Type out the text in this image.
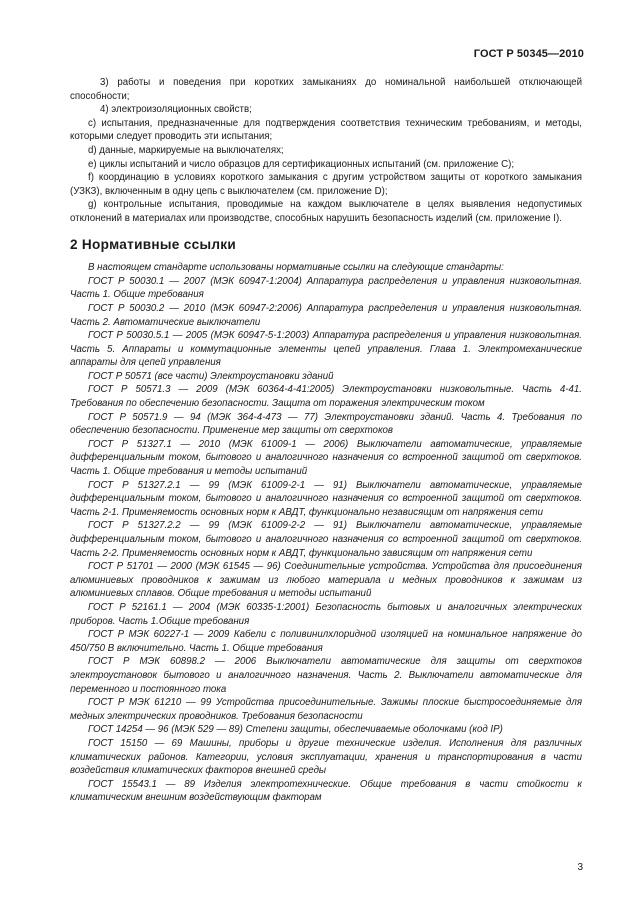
ГОСТ Р 50345—2010

3) работы и поведения при коротких замыканиях до номинальной наибольшей отключающей способности;

4) электроизоляционных свойств;

c) испытания, предназначенные для подтверждения соответствия техническим требованиям, и методы, которыми следует проводить эти испытания;

d) данные, маркируемые на выключателях;

e) циклы испытаний и число образцов для сертификационных испытаний (см. приложение С);

f) координацию в условиях короткого замыкания с другим устройством защиты от короткого замыкания (УЗКЗ), включенным в одну цепь с выключателем (см. приложение D);

g) контрольные испытания, проводимые на каждом выключателе в целях выявления недопустимых отклонений в материалах или производстве, способных нарушить безопасность изделий (см. приложение I).

2 Нормативные ссылки

В настоящем стандарте использованы нормативные ссылки на следующие стандарты:

ГОСТ Р 50030.1 — 2007 (МЭК 60947-1:2004) Аппаратура распределения и управления низковольтная. Часть 1. Общие требования

ГОСТ Р 50030.2 — 2010 (МЭК 60947-2:2006) Аппаратура распределения и управления низковольтная. Часть 2. Автоматические выключатели

ГОСТ Р 50030.5.1 — 2005 (МЭК 60947-5-1:2003) Аппаратура распределения и управления низковольтная. Часть 5. Аппараты и коммутационные элементы цепей управления. Глава 1. Электромеханические аппараты для цепей управления

ГОСТ Р 50571 (все части) Электроустановки зданий

ГОСТ Р 50571.3 — 2009 (МЭК 60364-4-41:2005) Электроустановки низковольтные. Часть 4-41. Требования по обеспечению безопасности. Защита от поражения электрическим током

ГОСТ Р 50571.9 — 94 (МЭК 364-4-473 — 77) Электроустановки зданий. Часть 4. Требования по обеспечению безопасности. Применение мер защиты от сверхтоков

ГОСТ Р 51327.1 — 2010 (МЭК 61009-1 — 2006) Выключатели автоматические, управляемые дифференциальным током, бытового и аналогичного назначения со встроенной защитой от сверхтоков. Часть 1. Общие требования и методы испытаний

ГОСТ Р 51327.2.1 — 99 (МЭК 61009-2-1 — 91) Выключатели автоматические, управляемые дифференциальным током, бытового и аналогичного назначения со встроенной защитой от сверхтоков. Часть 2-1. Применяемость основных норм к АВДТ, функционально независящим от напряжения сети

ГОСТ Р 51327.2.2 — 99 (МЭК 61009-2-2 — 91) Выключатели автоматические, управляемые дифференциальным током, бытового и аналогичного назначения со встроенной защитой от сверхтоков. Часть 2-2. Применяемость основных норм к АВДТ, функционально зависящим от напряжения сети

ГОСТ Р 51701 — 2000 (МЭК 61545 — 96) Соединительные устройства. Устройства для присоединения алюминиевых проводников к зажимам из любого материала и медных проводников к зажимам из алюминиевых сплавов. Общие требования и методы испытаний

ГОСТ Р 52161.1 — 2004 (МЭК 60335-1:2001) Безопасность бытовых и аналогичных электрических приборов. Часть 1.Общие требования

ГОСТ Р МЭК 60227-1 — 2009 Кабели с поливинилхлоридной изоляцией на номинальное напряжение до 450/750 В включительно. Часть 1. Общие требования

ГОСТ Р МЭК 60898.2 — 2006 Выключатели автоматические для защиты от сверхтоков электроустановок бытового и аналогичного назначения. Часть 2. Выключатели автоматические для переменного и постоянного тока

ГОСТ Р МЭК 61210 — 99 Устройства присоединительные. Зажимы плоские быстросоединяемые для медных электрических проводников. Требования безопасности

ГОСТ 14254 — 96 (МЭК 529 — 89) Степени защиты, обеспечиваемые оболочками (код IP)

ГОСТ 15150 — 69 Машины, приборы и другие технические изделия. Исполнения для различных климатических районов. Категории, условия эксплуатации, хранения и транспортирования в части воздействия климатических факторов внешней среды

ГОСТ 15543.1 — 89 Изделия электротехнические. Общие требования в части стойкости к климатическим внешним воздействующим факторам

3
